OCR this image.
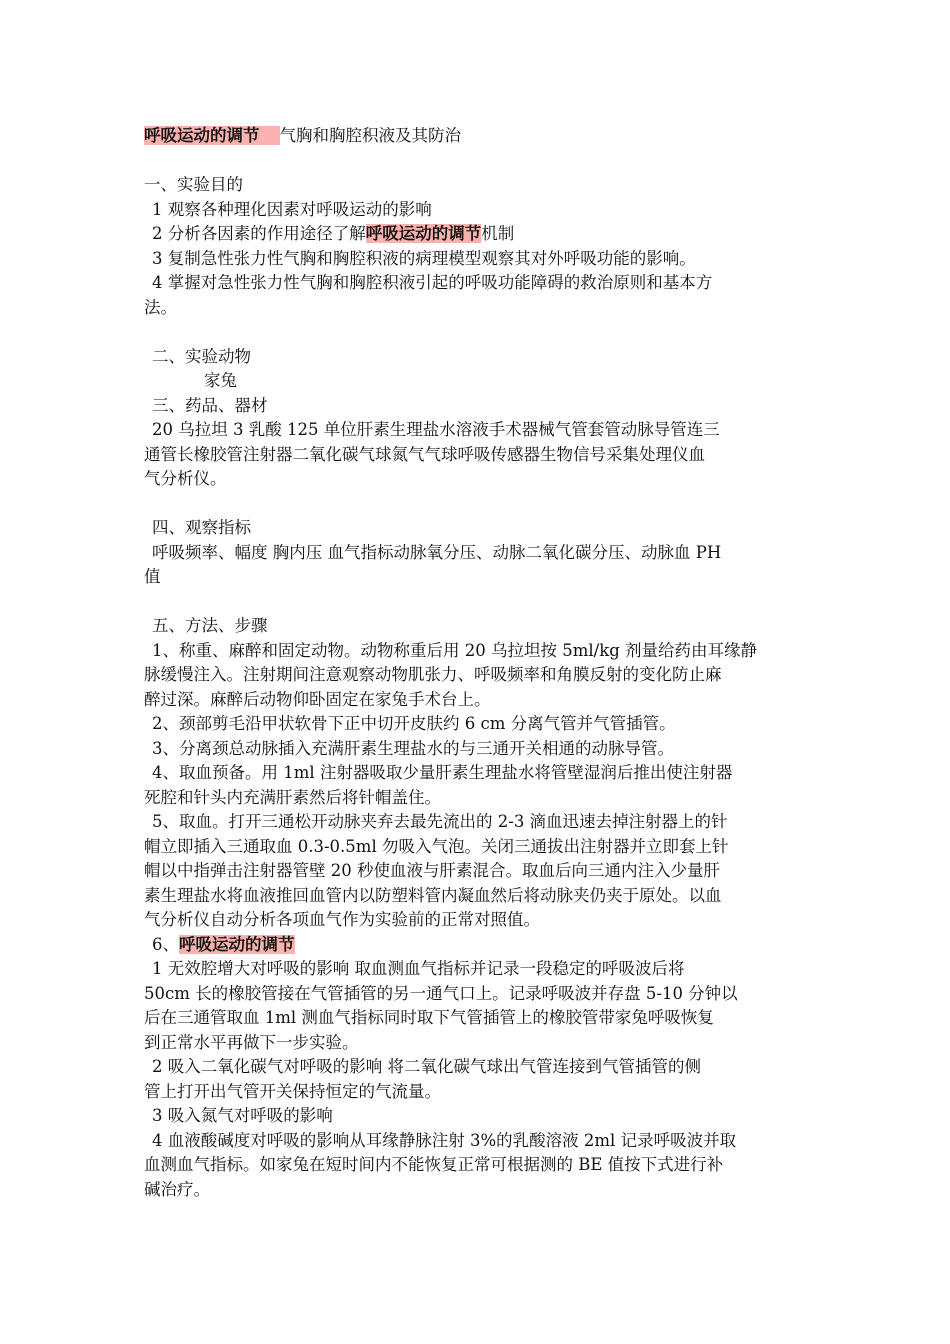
呼吸运动的调节 气胸和胸腔积液及其防治

一、实验目的

1 观察各种理化因素对呼吸运动的影响

2 分析各因素的作用途径了解呼吸运动的调节机制

3 复制急性张力性气胸和胸腔积液的病理模型观察其对外呼吸功能的影响。

4 掌握对急性张力性气胸和胸腔积液引起的呼吸功能障碍的救治原则和基本方
法。

二、实验动物

家兔

三、药品、器材

20 乌拉坦 3 乳酸 125 单位肝素生理盐水溶液手术器械气管套管动脉导管连三
通管长橡胶管注射器二氧化碳气球氮气气球呼吸传感器生物信号采集处理仪血
气分析仪。

四、观察指标

呼吸频率、幅度 胸内压 血气指标动脉氧分压、动脉二氧化碳分压、动脉血 PH
值

五、方法、步骤

1、称重、麻醉和固定动物。动物称重后用 20 乌拉坦按 5ml/kg 剂量给药由耳缘静
脉缓慢注入。注射期间注意观察动物肌张力、呼吸频率和角膜反射的变化防止麻
醉过深。麻醉后动物仰卧固定在家兔手术台上。

2、颈部剪毛沿甲状软骨下正中切开皮肤约 6 cm 分离气管并气管插管。

3、分离颈总动脉插入充满肝素生理盐水的与三通开关相通的动脉导管。

4、取血预备。用 1ml 注射器吸取少量肝素生理盐水将管壁湿润后推出使注射器
死腔和针头内充满肝素然后将针帽盖住。

5、取血。打开三通松开动脉夹弃去最先流出的 2-3 滴血迅速去掉注射器上的针
帽立即插入三通取血 0.3-0.5ml 勿吸入气泡。关闭三通拔出注射器并立即套上针
帽以中指弹击注射器管壁 20 秒使血液与肝素混合。取血后向三通内注入少量肝
素生理盐水将血液推回血管内以防塑料管内凝血然后将动脉夹仍夹于原处。以血
气分析仪自动分析各项血气作为实验前的正常对照值。

6、呼吸运动的调节

1 无效腔增大对呼吸的影响 取血测血气指标并记录一段稳定的呼吸波后将
50cm 长的橡胶管接在气管插管的另一通气口上。记录呼吸波并存盘 5-10 分钟以
后在三通管取血 1ml 测血气指标同时取下气管插管上的橡胶管带家兔呼吸恢复
到正常水平再做下一步实验。

2 吸入二氧化碳气对呼吸的影响 将二氧化碳气球出气管连接到气管插管的侧
管上打开出气管开关保持恒定的气流量。

3 吸入氮气对呼吸的影响

4 血液酸碱度对呼吸的影响从耳缘静脉注射 3%的乳酸溶液 2ml 记录呼吸波并取
血测血气指标。如家兔在短时间内不能恢复正常可根据测的 BE 值按下式进行补
碱治疗。
